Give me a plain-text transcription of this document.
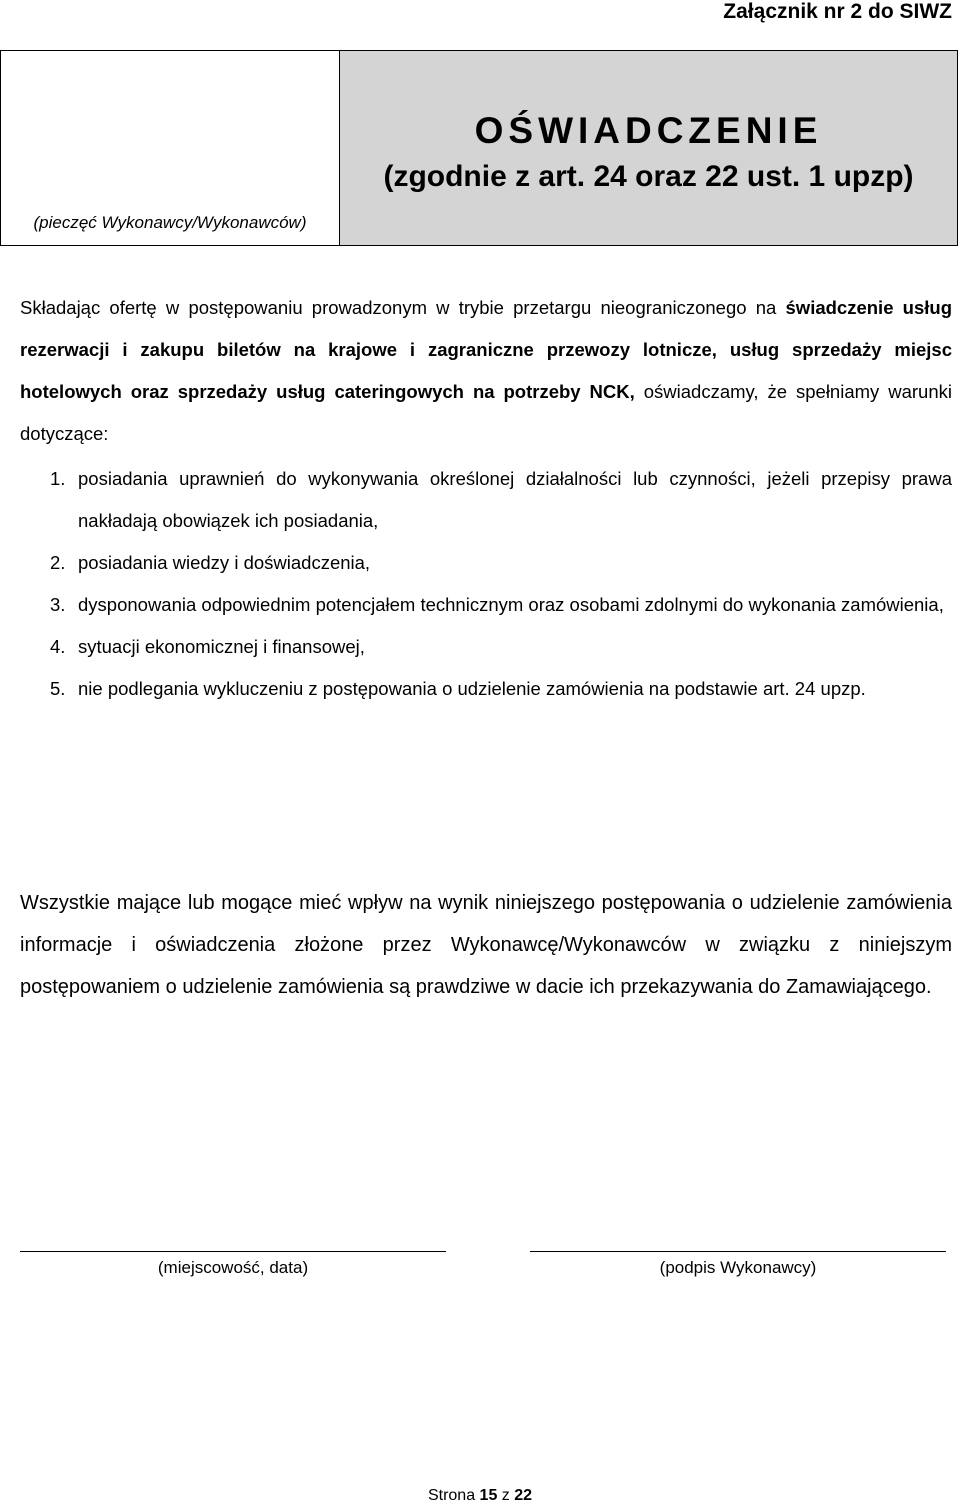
Załącznik nr 2 do SIWZ
(pieczęć Wykonawcy/Wykonawców)
OŚWIADCZENIE
(zgodnie z art. 24 oraz 22 ust. 1 upzp)

Składając ofertę w postępowaniu prowadzonym w trybie przetargu nieograniczonego na świadczenie usług rezerwacji i zakupu biletów na krajowe i zagraniczne przewozy lotnicze, usług sprzedaży miejsc hotelowych oraz sprzedaży usług cateringowych na potrzeby NCK, oświadczamy, że spełniamy warunki dotyczące:

1. posiadania uprawnień do wykonywania określonej działalności lub czynności, jeżeli przepisy prawa nakładają obowiązek ich posiadania,
2. posiadania wiedzy i doświadczenia,
3. dysponowania odpowiednim potencjałem technicznym oraz osobami zdolnymi do wykonania zamówienia,
4. sytuacji ekonomicznej i finansowej,
5. nie podlegania wykluczeniu z postępowania o udzielenie zamówienia na podstawie art. 24 upzp.

Wszystkie mające lub mogące mieć wpływ na wynik niniejszego postępowania o udzielenie zamówienia informacje i oświadczenia złożone przez Wykonawcę/Wykonawców w związku z niniejszym postępowaniem o udzielenie zamówienia są prawdziwe w dacie ich przekazywania do Zamawiającego.

(miejscowość, data)	(podpis Wykonawcy)
Strona 15 z 22
